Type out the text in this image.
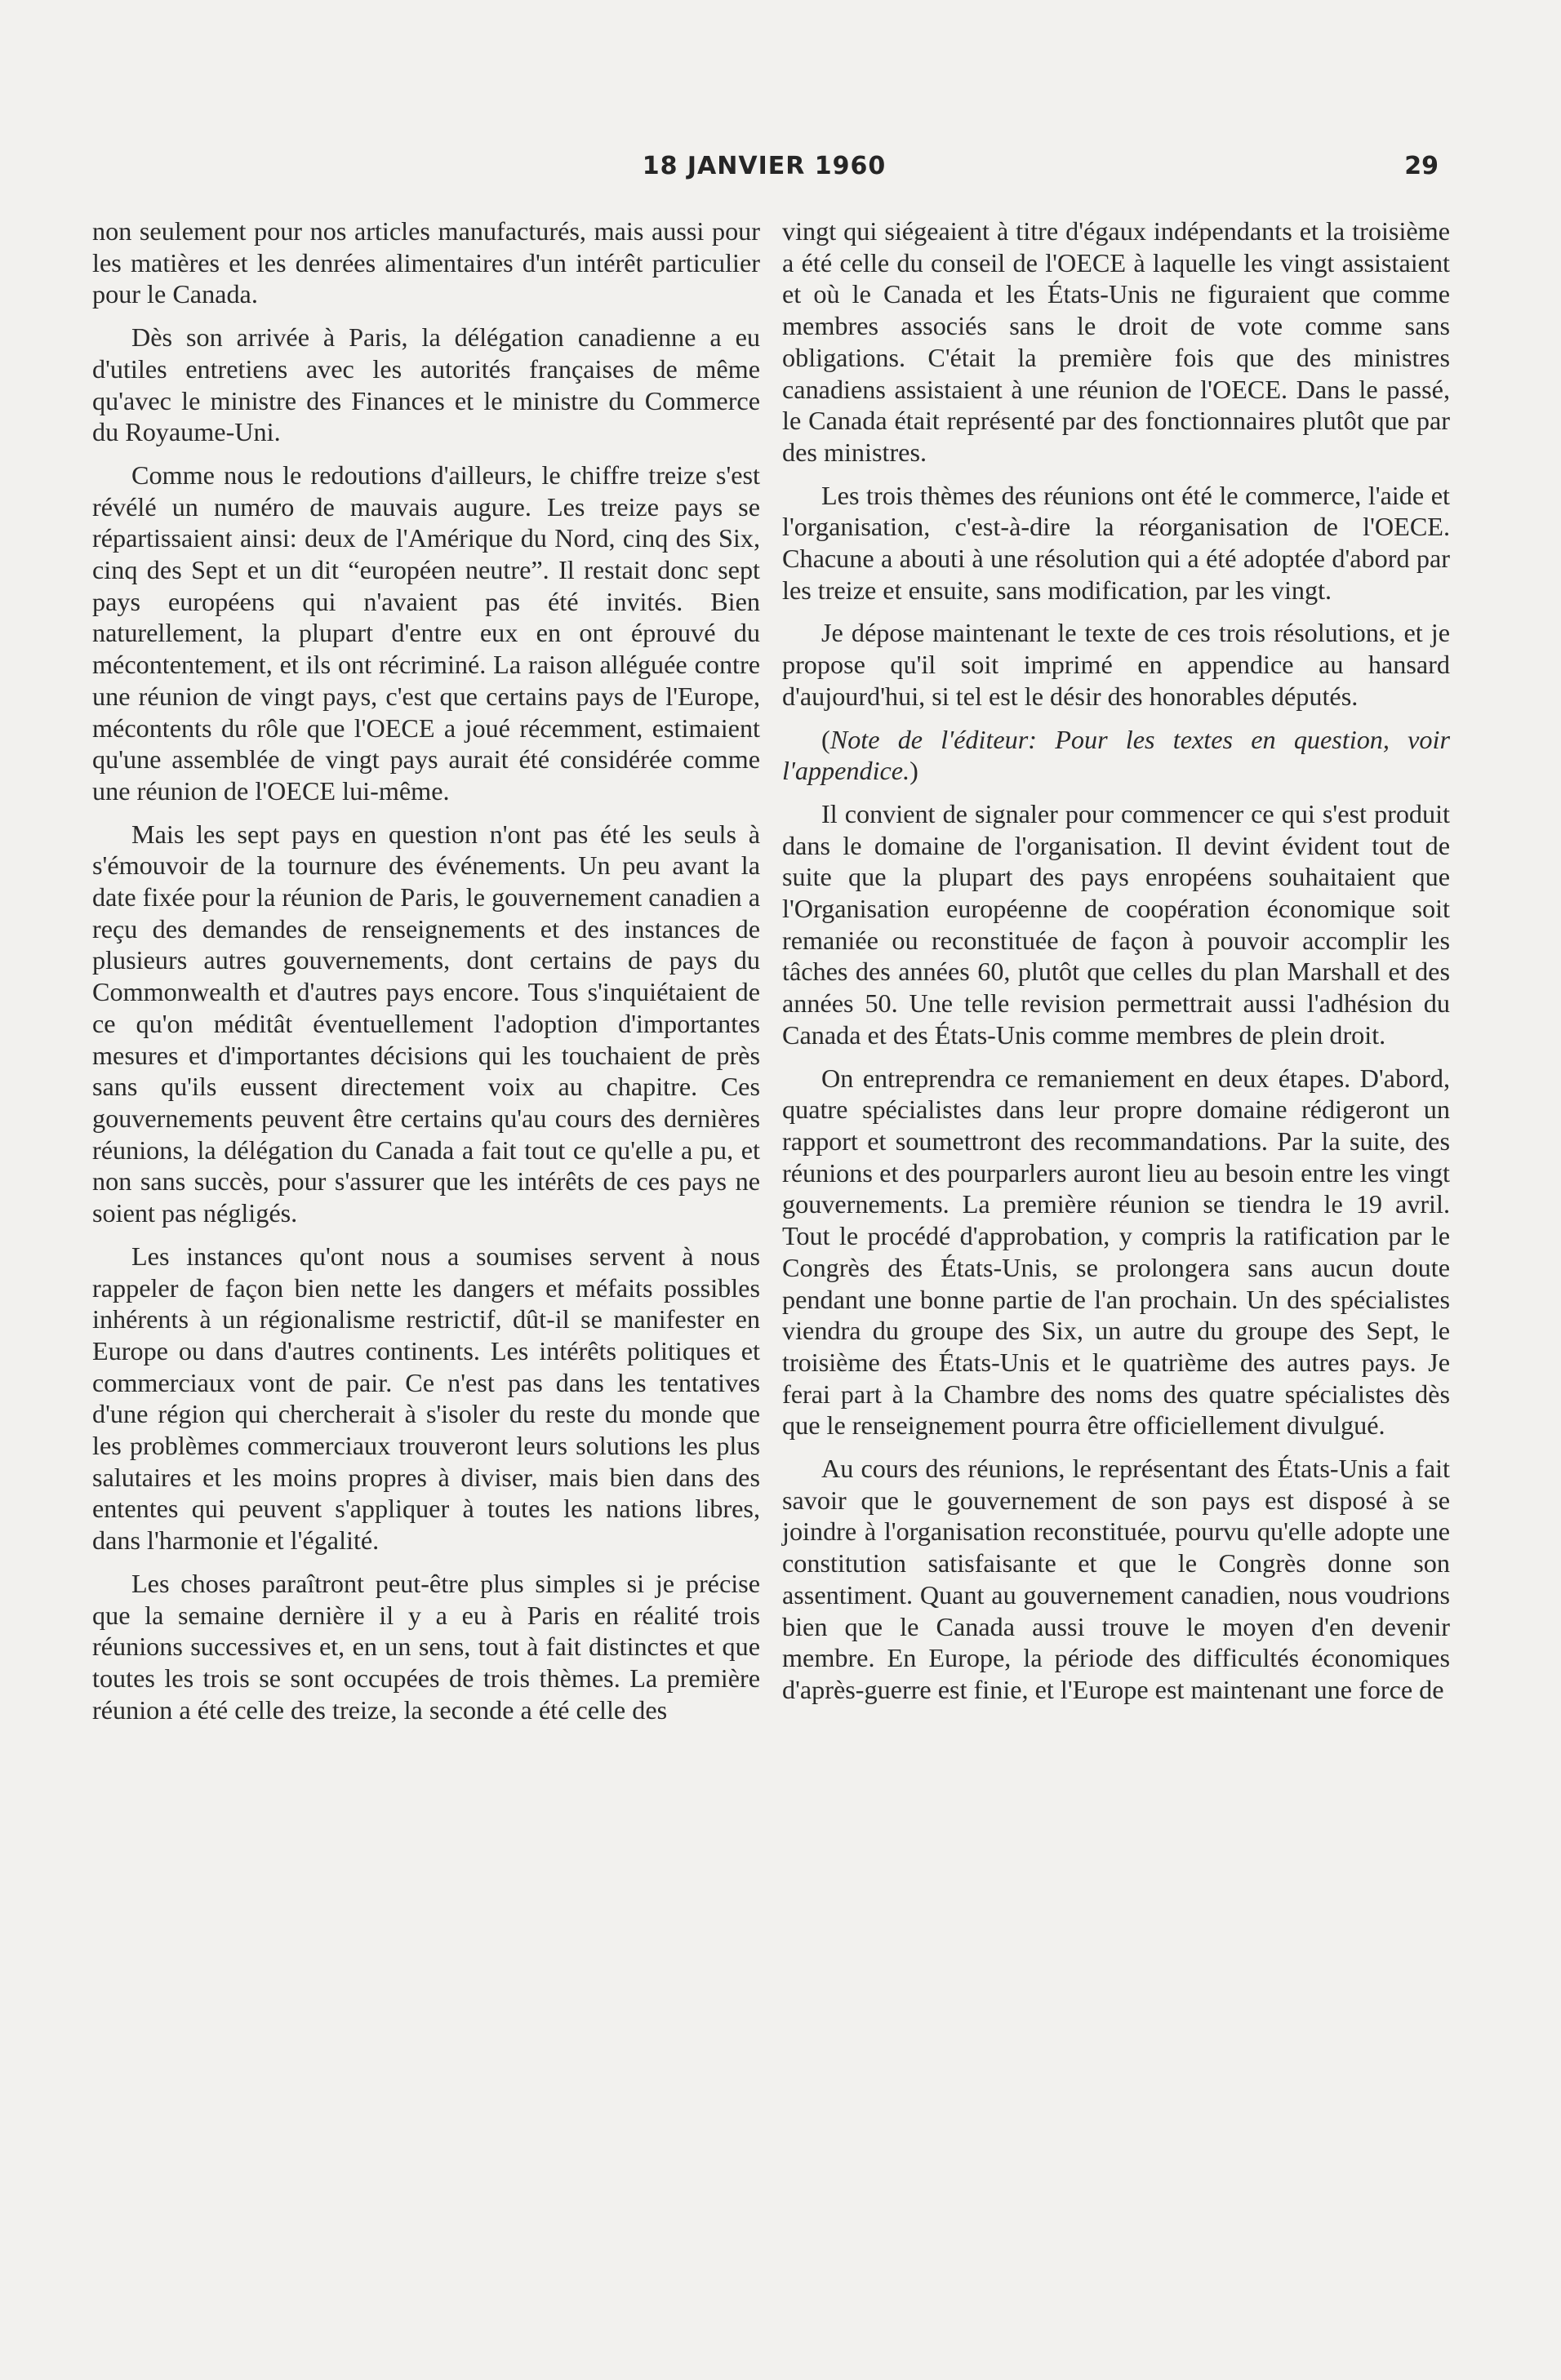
18 JANVIER 1960	29

non seulement pour nos articles manufacturés, mais aussi pour les matières et les denrées alimentaires d'un intérêt particulier pour le Canada.

Dès son arrivée à Paris, la délégation canadienne a eu d'utiles entretiens avec les autorités françaises de même qu'avec le ministre des Finances et le ministre du Commerce du Royaume-Uni.

Comme nous le redoutions d'ailleurs, le chiffre treize s'est révélé un numéro de mauvais augure. Les treize pays se répartissaient ainsi: deux de l'Amérique du Nord, cinq des Six, cinq des Sept et un dit “européen neutre”. Il restait donc sept pays européens qui n'avaient pas été invités. Bien naturellement, la plupart d'entre eux en ont éprouvé du mécontentement, et ils ont récriminé. La raison alléguée contre une réunion de vingt pays, c'est que certains pays de l'Europe, mécontents du rôle que l'OECE a joué récemment, estimaient qu'une assemblée de vingt pays aurait été considérée comme une réunion de l'OECE lui-même.

Mais les sept pays en question n'ont pas été les seuls à s'émouvoir de la tournure des événements. Un peu avant la date fixée pour la réunion de Paris, le gouvernement canadien a reçu des demandes de renseignements et des instances de plusieurs autres gouvernements, dont certains de pays du Commonwealth et d'autres pays encore. Tous s'inquiétaient de ce qu'on méditât éventuellement l'adoption d'importantes mesures et d'importantes décisions qui les touchaient de près sans qu'ils eussent directement voix au chapitre. Ces gouvernements peuvent être certains qu'au cours des dernières réunions, la délégation du Canada a fait tout ce qu'elle a pu, et non sans succès, pour s'assurer que les intérêts de ces pays ne soient pas négligés.

Les instances qu'ont nous a soumises servent à nous rappeler de façon bien nette les dangers et méfaits possibles inhérents à un régionalisme restrictif, dût-il se manifester en Europe ou dans d'autres continents. Les intérêts politiques et commerciaux vont de pair. Ce n'est pas dans les tentatives d'une région qui chercherait à s'isoler du reste du monde que les problèmes commerciaux trouveront leurs solutions les plus salutaires et les moins propres à diviser, mais bien dans des ententes qui peuvent s'appliquer à toutes les nations libres, dans l'harmonie et l'égalité.

Les choses paraîtront peut-être plus simples si je précise que la semaine dernière il y a eu à Paris en réalité trois réunions successives et, en un sens, tout à fait distinctes et que toutes les trois se sont occupées de trois thèmes. La première réunion a été celle des treize, la seconde a été celle des

vingt qui siégeaient à titre d'égaux indépendants et la troisième a été celle du conseil de l'OECE à laquelle les vingt assistaient et où le Canada et les États-Unis ne figuraient que comme membres associés sans le droit de vote comme sans obligations. C'était la première fois que des ministres canadiens assistaient à une réunion de l'OECE. Dans le passé, le Canada était représenté par des fonctionnaires plutôt que par des ministres.

Les trois thèmes des réunions ont été le commerce, l'aide et l'organisation, c'est-à-dire la réorganisation de l'OECE. Chacune a abouti à une résolution qui a été adoptée d'abord par les treize et ensuite, sans modification, par les vingt.

Je dépose maintenant le texte de ces trois résolutions, et je propose qu'il soit imprimé en appendice au hansard d'aujourd'hui, si tel est le désir des honorables députés.

(Note de l'éditeur: Pour les textes en question, voir l'appendice.)

Il convient de signaler pour commencer ce qui s'est produit dans le domaine de l'organisation. Il devint évident tout de suite que la plupart des pays enropéens souhaitaient que l'Organisation européenne de coopération économique soit remaniée ou reconstituée de façon à pouvoir accomplir les tâches des années 60, plutôt que celles du plan Marshall et des années 50. Une telle revision permettrait aussi l'adhésion du Canada et des États-Unis comme membres de plein droit.

On entreprendra ce remaniement en deux étapes. D'abord, quatre spécialistes dans leur propre domaine rédigeront un rapport et soumettront des recommandations. Par la suite, des réunions et des pourparlers auront lieu au besoin entre les vingt gouvernements. La première réunion se tiendra le 19 avril. Tout le procédé d'approbation, y compris la ratification par le Congrès des États-Unis, se prolongera sans aucun doute pendant une bonne partie de l'an prochain. Un des spécialistes viendra du groupe des Six, un autre du groupe des Sept, le troisième des États-Unis et le quatrième des autres pays. Je ferai part à la Chambre des noms des quatre spécialistes dès que le renseignement pourra être officiellement divulgué.

Au cours des réunions, le représentant des États-Unis a fait savoir que le gouvernement de son pays est disposé à se joindre à l'organisation reconstituée, pourvu qu'elle adopte une constitution satisfaisante et que le Congrès donne son assentiment. Quant au gouvernement canadien, nous voudrions bien que le Canada aussi trouve le moyen d'en devenir membre. En Europe, la période des difficultés économiques d'après-guerre est finie, et l'Europe est maintenant une force de
